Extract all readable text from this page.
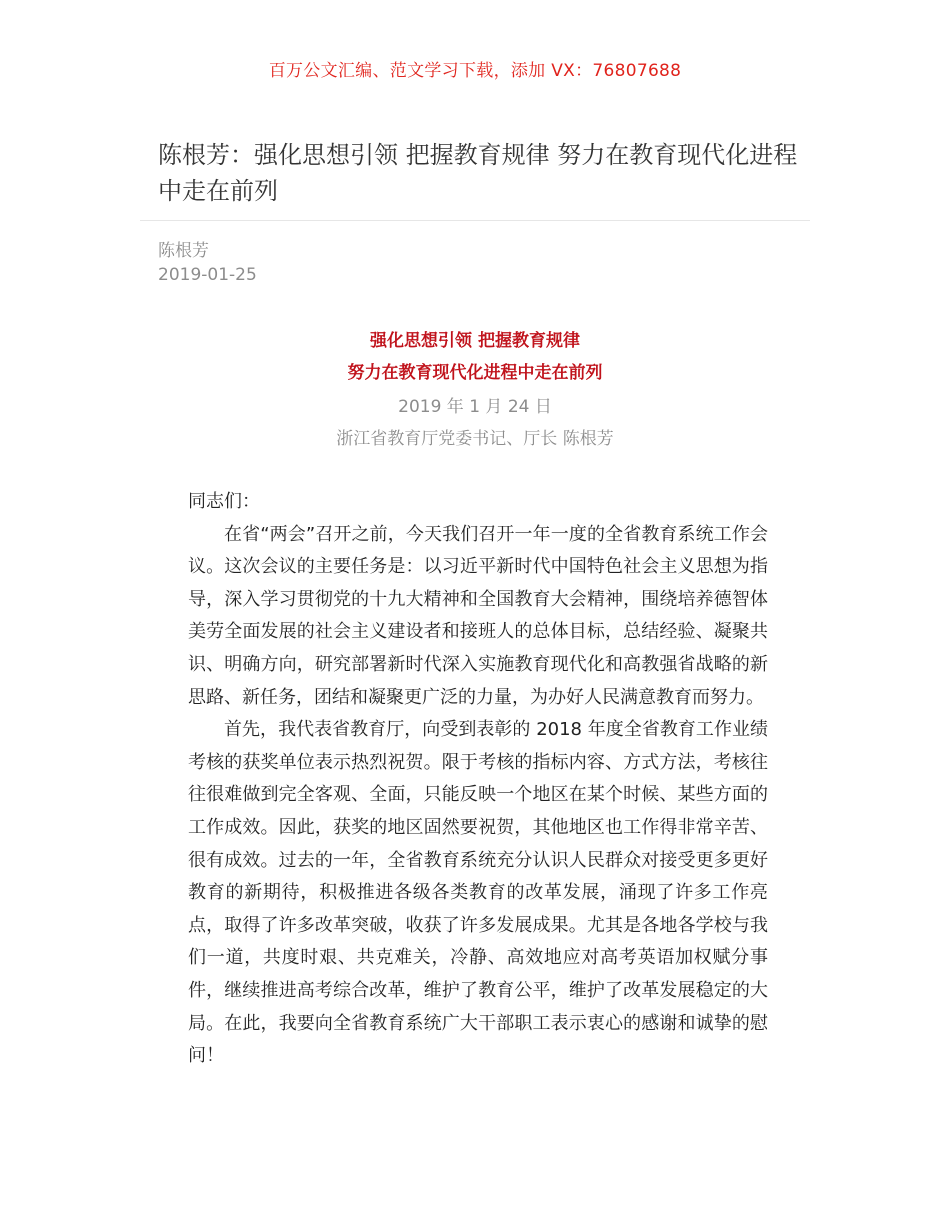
百万公文汇编、范文学习下载，添加 VX：76807688
陈根芳：强化思想引领 把握教育规律 努力在教育现代化进程中走在前列
陈根芳
2019-01-25
强化思想引领 把握教育规律
努力在教育现代化进程中走在前列
2019 年 1 月 24 日
浙江省教育厅党委书记、厅长 陈根芳

同志们：

在省“两会”召开之前，今天我们召开一年一度的全省教育系统工作会议。这次会议的主要任务是：以习近平新时代中国特色社会主义思想为指导，深入学习贯彻党的十九大精神和全国教育大会精神，围绕培养德智体美劳全面发展的社会主义建设者和接班人的总体目标，总结经验、凝聚共识、明确方向，研究部署新时代深入实施教育现代化和高教强省战略的新思路、新任务，团结和凝聚更广泛的力量，为办好人民满意教育而努力。

首先，我代表省教育厅，向受到表彰的 2018 年度全省教育工作业绩考核的获奖单位表示热烈祝贺。限于考核的指标内容、方式方法，考核往往很难做到完全客观、全面，只能反映一个地区在某个时候、某些方面的工作成效。因此，获奖的地区固然要祝贺，其他地区也工作得非常辛苦、很有成效。过去的一年，全省教育系统充分认识人民群众对接受更多更好教育的新期待，积极推进各级各类教育的改革发展，涌现了许多工作亮点，取得了许多改革突破，收获了许多发展成果。尤其是各地各学校与我们一道，共度时艰、共克难关，冷静、高效地应对高考英语加权赋分事件，继续推进高考综合改革，维护了教育公平，维护了改革发展稳定的大局。在此，我要向全省教育系统广大干部职工表示衷心的感谢和诚挚的慰问！
